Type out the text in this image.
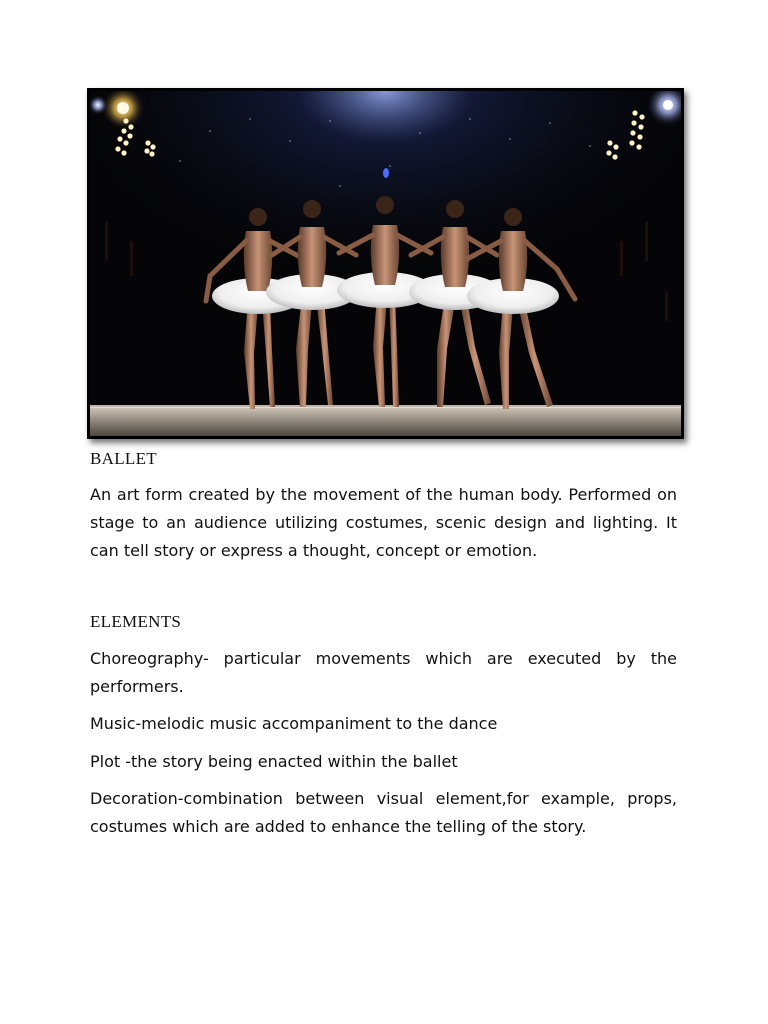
BALLET

An art form created by the movement of the human body. Performed on stage to an audience utilizing costumes, scenic design and lighting. It can tell story or express a thought, concept or emotion.

ELEMENTS

Choreography- particular movements which are executed by the performers.

Music-melodic music accompaniment to the dance

Plot -the story being enacted within the ballet

Decoration-combination between visual element,for example, props, costumes which are added to enhance the telling of the story.
